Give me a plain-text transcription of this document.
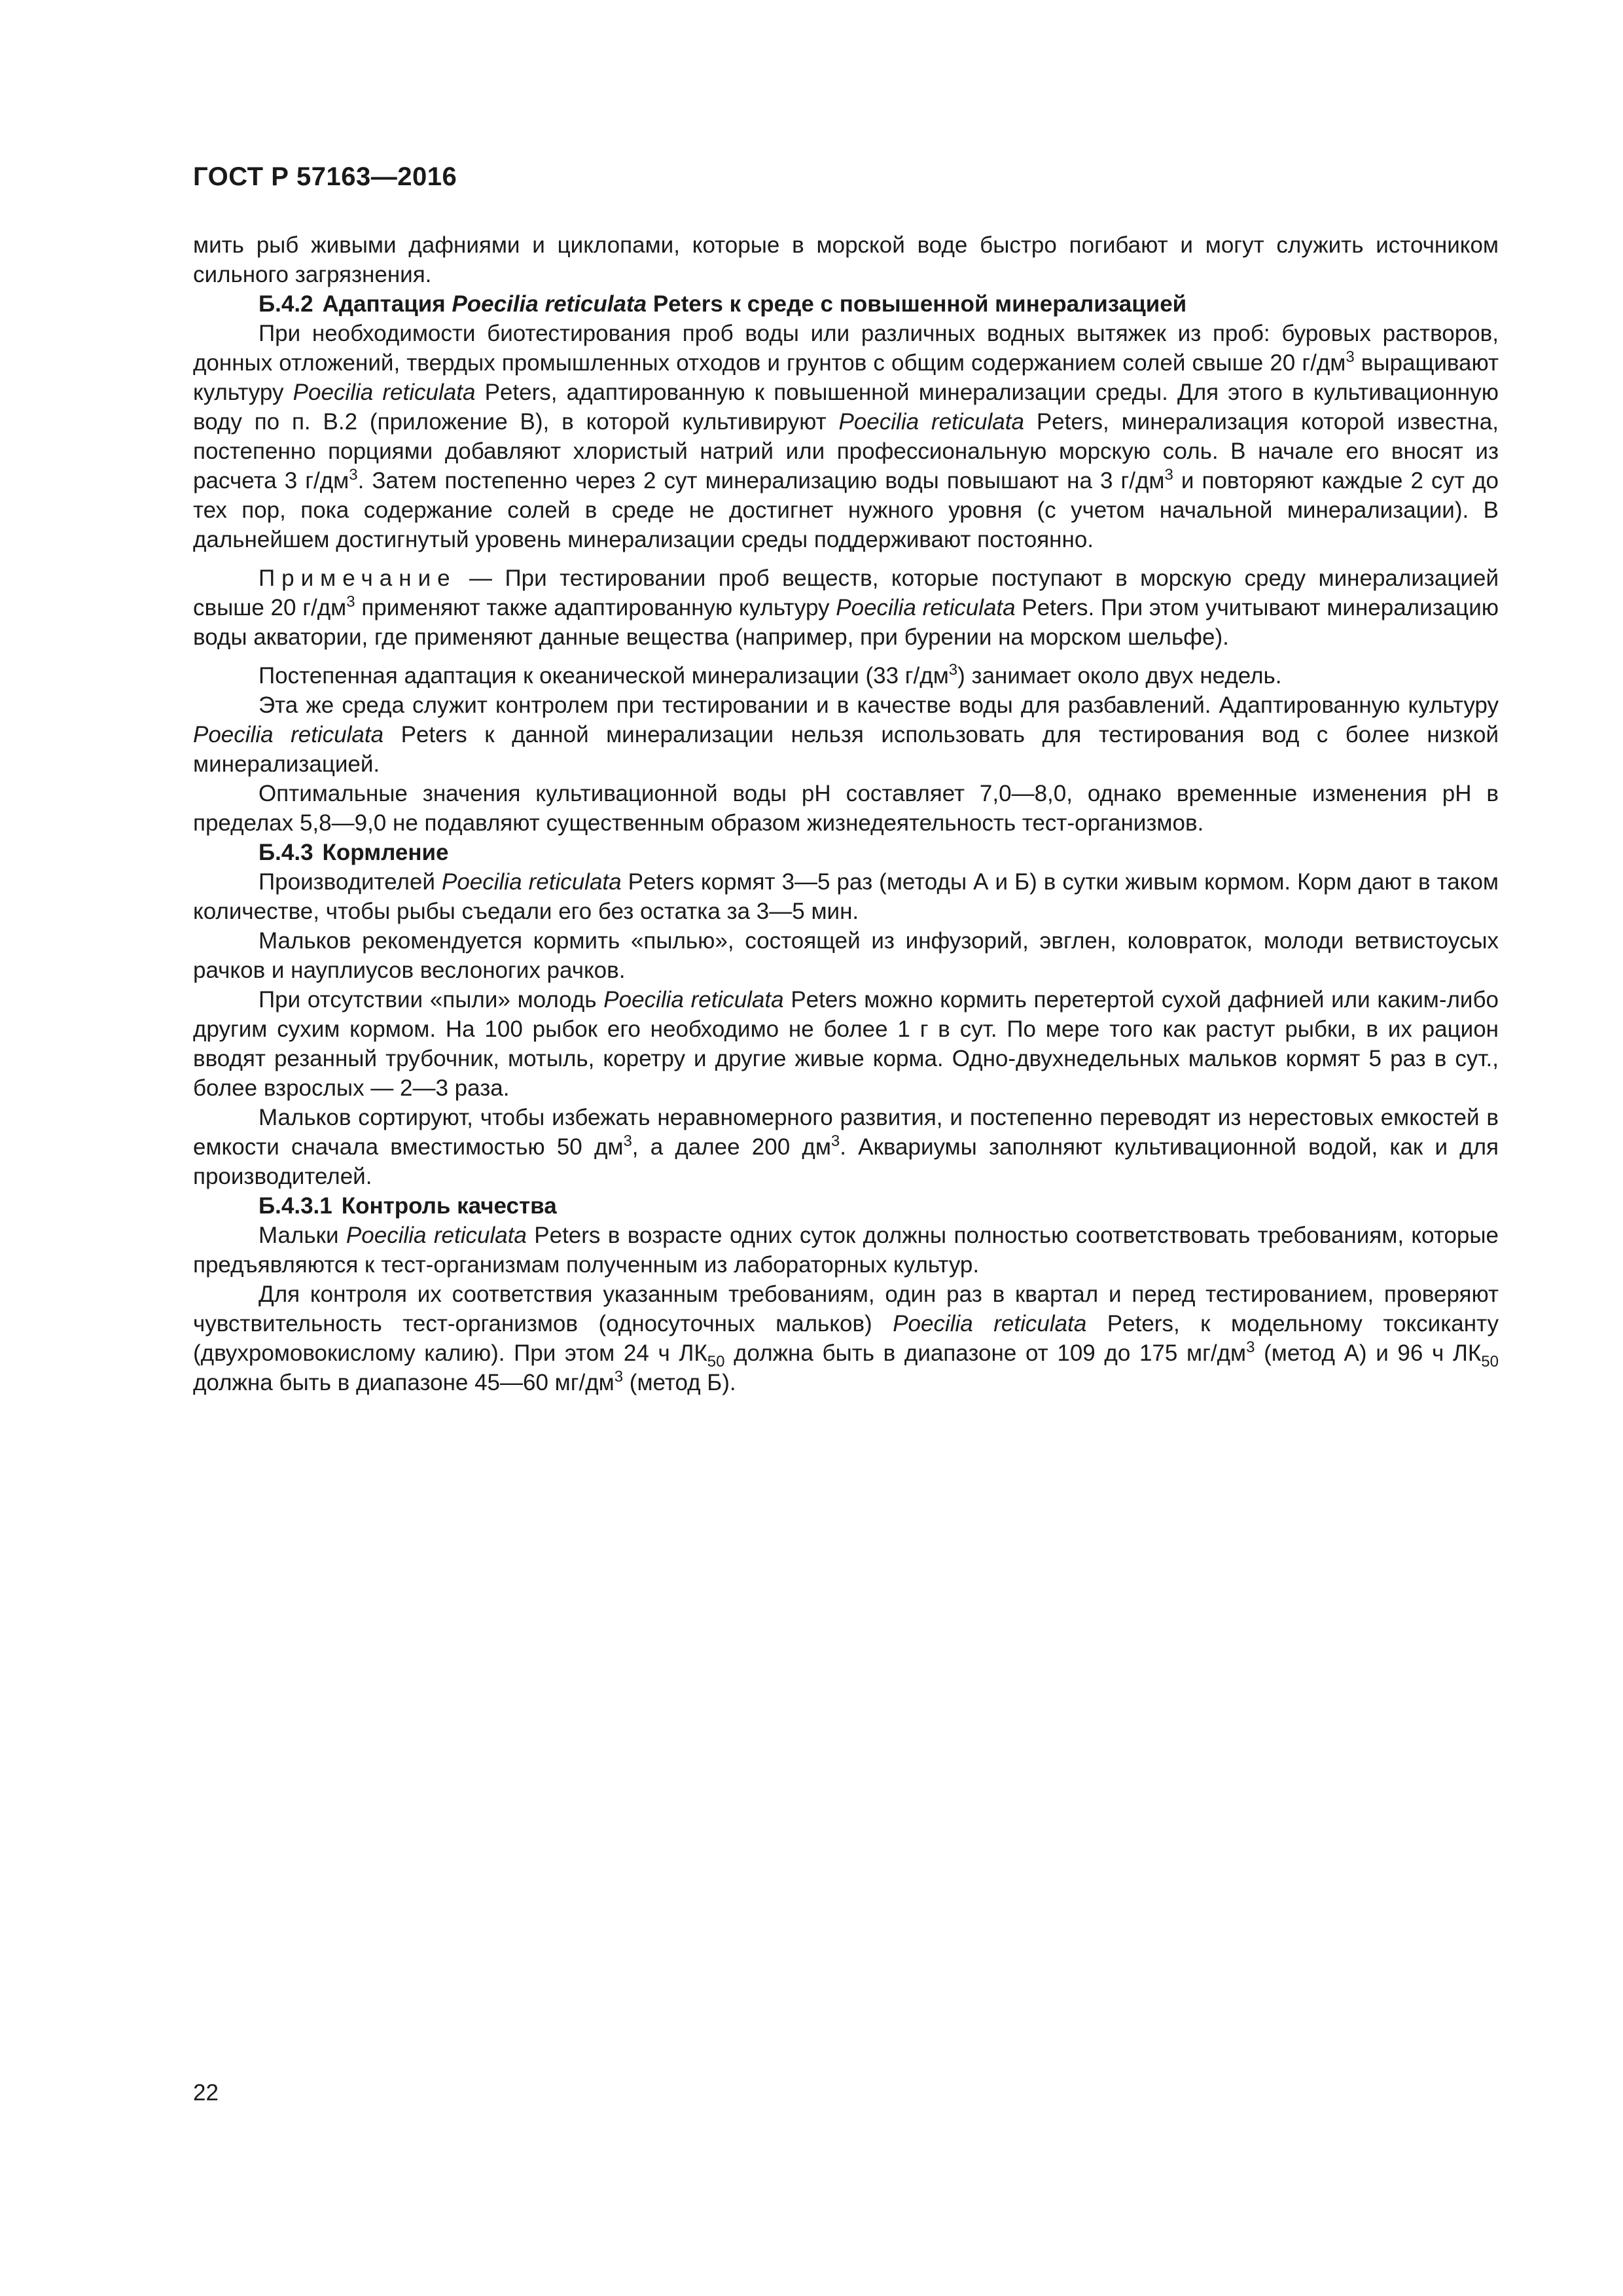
ГОСТ Р 57163—2016

мить рыб живыми дафниями и циклопами, которые в морской воде быстро погибают и могут служить источником сильного загрязнения.

Б.4.2 Адаптация Poecilia reticulata Peters к среде с повышенной минерализацией

При необходимости биотестирования проб воды или различных водных вытяжек из проб: буровых растворов, донных отложений, твердых промышленных отходов и грунтов с общим содержанием солей свыше 20 $г/дм^3$ выращивают культуру Poecilia reticulata Peters, адаптированную к повышенной минерализации среды. Для этого в культивационную воду по п. В.2 (приложение В), в которой культивируют Poecilia reticulata Peters, минерализация которой известна, постепенно порциями добавляют хлористый натрий или профессиональную морскую соль. В начале его вносят из расчета 3 $г/дм^3$. Затем постепенно через 2 сут минерализацию воды повышают на 3 $г/дм^3$ и повторяют каждые 2 сут до тех пор, пока содержание солей в среде не достигнет нужного уровня (с учетом начальной минерализации). В дальнейшем достигнутый уровень минерализации среды поддерживают постоянно.

Примечание — При тестировании проб веществ, которые поступают в морскую среду минерализацией свыше 20 $г/дм^3$ применяют также адаптированную культуру Poecilia reticulata Peters. При этом учитывают минерализацию воды акватории, где применяют данные вещества (например, при бурении на морском шельфе).

Постепенная адаптация к океанической минерализации (33 $г/дм^3$) занимает около двух недель.

Эта же среда служит контролем при тестировании и в качестве воды для разбавлений. Адаптированную культуру Poecilia reticulata Peters к данной минерализации нельзя использовать для тестирования вод с более низкой минерализацией.

Оптимальные значения культивационной воды pH составляет 7,0—8,0, однако временные изменения pH в пределах 5,8—9,0 не подавляют существенным образом жизнедеятельность тест-организмов.

Б.4.3 Кормление

Производителей Poecilia reticulata Peters кормят 3—5 раз (методы А и Б) в сутки живым кормом. Корм дают в таком количестве, чтобы рыбы съедали его без остатка за 3—5 мин.

Мальков рекомендуется кормить «пылью», состоящей из инфузорий, эвглен, коловраток, молоди ветвистоусых рачков и науплиусов веслоногих рачков.

При отсутствии «пыли» молодь Poecilia reticulata Peters можно кормить перетертой сухой дафнией или каким-либо другим сухим кормом. На 100 рыбок его необходимо не более 1 г в сут. По мере того как растут рыбки, в их рацион вводят резанный трубочник, мотыль, коретру и другие живые корма. Одно-двухнедельных мальков кормят 5 раз в сут., более взрослых — 2—3 раза.

Мальков сортируют, чтобы избежать неравномерного развития, и постепенно переводят из нерестовых емкостей в емкости сначала вместимостью 50 $дм^3$, а далее 200 $дм^3$. Аквариумы заполняют культивационной водой, как и для производителей.

Б.4.3.1 Контроль качества

Мальки Poecilia reticulata Peters в возрасте одних суток должны полностью соответствовать требованиям, которые предъявляются к тест-организмам полученным из лабораторных культур.

Для контроля их соответствия указанным требованиям, один раз в квартал и перед тестированием, проверяют чувствительность тест-организмов (односуточных мальков) Poecilia reticulata Peters, к модельному токсиканту (двухромовокислому калию). При этом 24 ч $ЛК_{50}$ должна быть в диапазоне от 109 до 175 $мг/дм^3$ (метод А) и 96 ч $ЛК_{50}$ должна быть в диапазоне 45—60 $мг/дм^3$ (метод Б).

22
